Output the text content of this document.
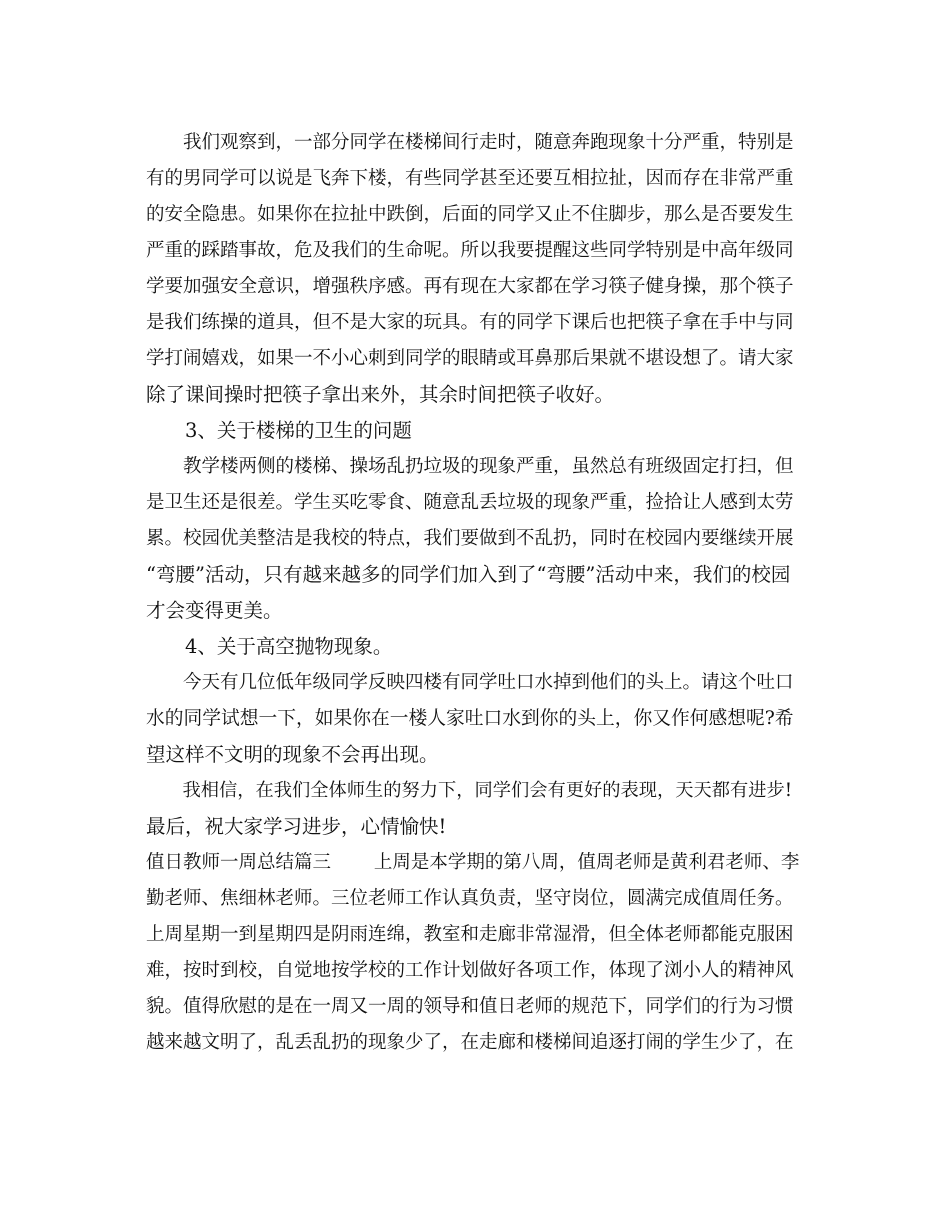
　　我们观察到，一部分同学在楼梯间行走时，随意奔跑现象十分严重，特别是
有的男同学可以说是飞奔下楼，有些同学甚至还要互相拉扯，因而存在非常严重
的安全隐患。如果你在拉扯中跌倒，后面的同学又止不住脚步，那么是否要发生
严重的踩踏事故，危及我们的生命呢。所以我要提醒这些同学特别是中高年级同
学要加强安全意识，增强秩序感。再有现在大家都在学习筷子健身操，那个筷子
是我们练操的道具，但不是大家的玩具。有的同学下课后也把筷子拿在手中与同
学打闹嬉戏，如果一不小心刺到同学的眼睛或耳鼻那后果就不堪设想了。请大家
除了课间操时把筷子拿出来外，其余时间把筷子收好。
　　3、关于楼梯的卫生的问题
　　教学楼两侧的楼梯、操场乱扔垃圾的现象严重，虽然总有班级固定打扫，但
是卫生还是很差。学生买吃零食、随意乱丢垃圾的现象严重，捡拾让人感到太劳
累。校园优美整洁是我校的特点，我们要做到不乱扔，同时在校园内要继续开展
“弯腰”活动，只有越来越多的同学们加入到了“弯腰”活动中来，我们的校园
才会变得更美。
　　4、关于高空抛物现象。
　　今天有几位低年级同学反映四楼有同学吐口水掉到他们的头上。请这个吐口
水的同学试想一下，如果你在一楼人家吐口水到你的头上，你又作何感想呢?希
望这样不文明的现象不会再出现。
　　我相信，在我们全体师生的努力下，同学们会有更好的表现，天天都有进步!
最后，祝大家学习进步，心情愉快!
值日教师一周总结篇三　　 上周是本学期的第八周，值周老师是黄利君老师、李
勤老师、焦细林老师。三位老师工作认真负责，坚守岗位，圆满完成值周任务。
上周星期一到星期四是阴雨连绵，教室和走廊非常湿滑，但全体老师都能克服困
难，按时到校，自觉地按学校的工作计划做好各项工作，体现了浏小人的精神风
貌。值得欣慰的是在一周又一周的领导和值日老师的规范下，同学们的行为习惯
越来越文明了，乱丢乱扔的现象少了，在走廊和楼梯间追逐打闹的学生少了，在
